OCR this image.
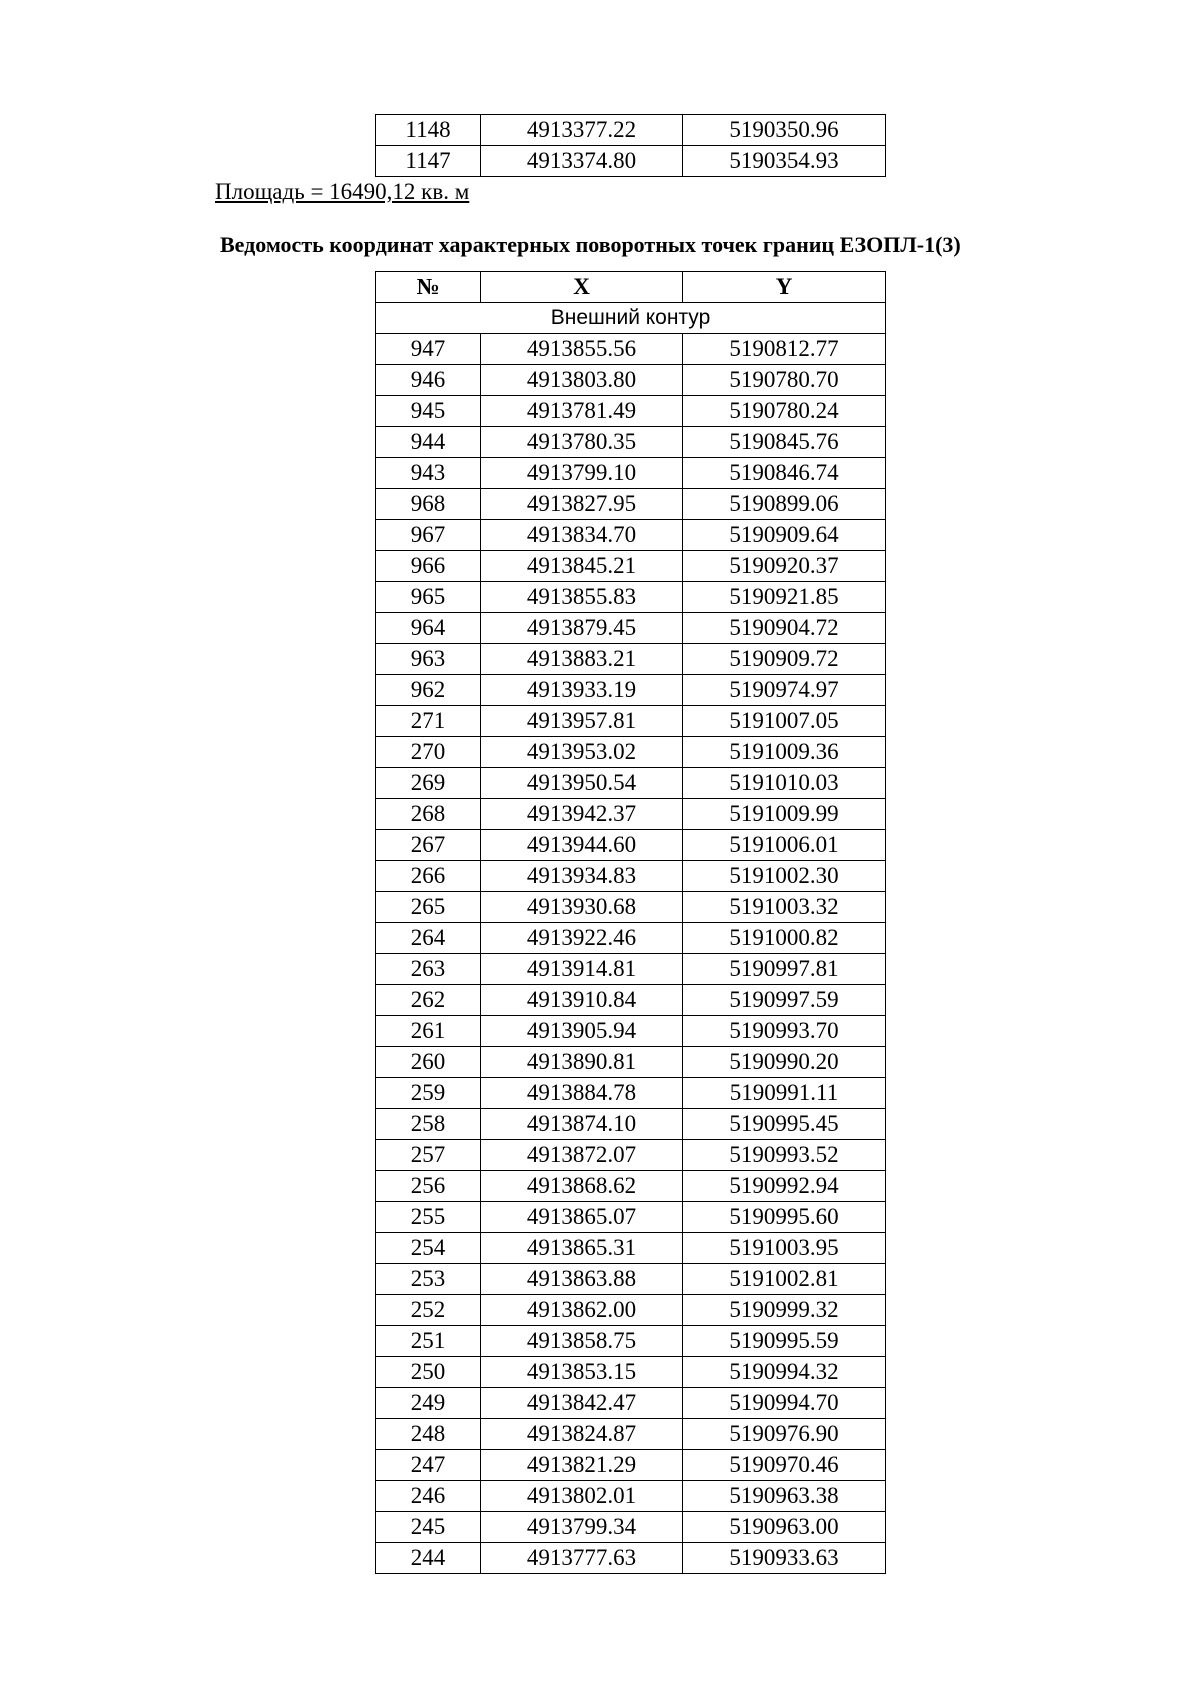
1148	4913377.22	5190350.96
1147	4913374.80	5190354.93
Площадь = 16490,12 кв. м
Ведомость координат характерных поворотных точек границ ЕЗОПЛ-1(3)
№	X	Y
Внешний контур		
947	4913855.56	5190812.77
946	4913803.80	5190780.70
945	4913781.49	5190780.24
944	4913780.35	5190845.76
943	4913799.10	5190846.74
968	4913827.95	5190899.06
967	4913834.70	5190909.64
966	4913845.21	5190920.37
965	4913855.83	5190921.85
964	4913879.45	5190904.72
963	4913883.21	5190909.72
962	4913933.19	5190974.97
271	4913957.81	5191007.05
270	4913953.02	5191009.36
269	4913950.54	5191010.03
268	4913942.37	5191009.99
267	4913944.60	5191006.01
266	4913934.83	5191002.30
265	4913930.68	5191003.32
264	4913922.46	5191000.82
263	4913914.81	5190997.81
262	4913910.84	5190997.59
261	4913905.94	5190993.70
260	4913890.81	5190990.20
259	4913884.78	5190991.11
258	4913874.10	5190995.45
257	4913872.07	5190993.52
256	4913868.62	5190992.94
255	4913865.07	5190995.60
254	4913865.31	5191003.95
253	4913863.88	5191002.81
252	4913862.00	5190999.32
251	4913858.75	5190995.59
250	4913853.15	5190994.32
249	4913842.47	5190994.70
248	4913824.87	5190976.90
247	4913821.29	5190970.46
246	4913802.01	5190963.38
245	4913799.34	5190963.00
244	4913777.63	5190933.63
